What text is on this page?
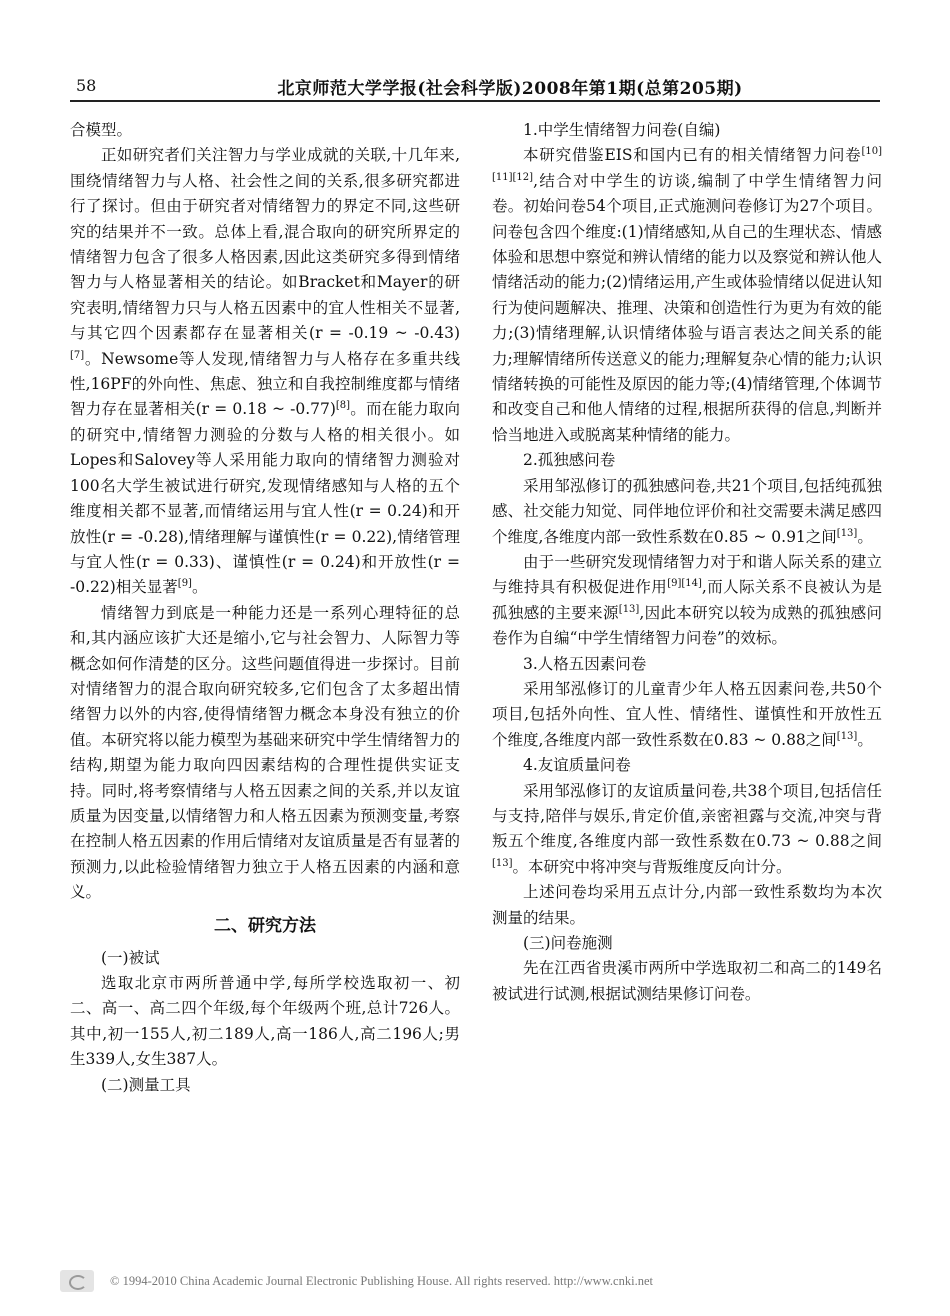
58	北京师范大学学报(社会科学版)2008年第1期(总第205期)

合模型。

正如研究者们关注智力与学业成就的关联,十几年来,围绕情绪智力与人格、社会性之间的关系,很多研究都进行了探讨。但由于研究者对情绪智力的界定不同,这些研究的结果并不一致。总体上看,混合取向的研究所界定的情绪智力包含了很多人格因素,因此这类研究多得到情绪智力与人格显著相关的结论。如Bracket和Mayer的研究表明,情绪智力只与人格五因素中的宜人性相关不显著,与其它四个因素都存在显著相关(r = -0.19 ~ -0.43)[7]。Newsome等人发现,情绪智力与人格存在多重共线性,16PF的外向性、焦虑、独立和自我控制维度都与情绪智力存在显著相关(r = 0.18 ~ -0.77)[8]。而在能力取向的研究中,情绪智力测验的分数与人格的相关很小。如Lopes和Salovey等人采用能力取向的情绪智力测验对100名大学生被试进行研究,发现情绪感知与人格的五个维度相关都不显著,而情绪运用与宜人性(r = 0.24)和开放性(r = -0.28),情绪理解与谨慎性(r = 0.22),情绪管理与宜人性(r = 0.33)、谨慎性(r = 0.24)和开放性(r = -0.22)相关显著[9]。

情绪智力到底是一种能力还是一系列心理特征的总和,其内涵应该扩大还是缩小,它与社会智力、人际智力等概念如何作清楚的区分。这些问题值得进一步探讨。目前对情绪智力的混合取向研究较多,它们包含了太多超出情绪智力以外的内容,使得情绪智力概念本身没有独立的价值。本研究将以能力模型为基础来研究中学生情绪智力的结构,期望为能力取向四因素结构的合理性提供实证支持。同时,将考察情绪与人格五因素之间的关系,并以友谊质量为因变量,以情绪智力和人格五因素为预测变量,考察在控制人格五因素的作用后情绪对友谊质量是否有显著的预测力,以此检验情绪智力独立于人格五因素的内涵和意义。

二、研究方法

(一)被试

选取北京市两所普通中学,每所学校选取初一、初二、高一、高二四个年级,每个年级两个班,总计726人。其中,初一155人,初二189人,高一186人,高二196人;男生339人,女生387人。

(二)测量工具

1.中学生情绪智力问卷(自编)

本研究借鉴EIS和国内已有的相关情绪智力问卷[10][11][12],结合对中学生的访谈,编制了中学生情绪智力问卷。初始问卷54个项目,正式施测问卷修订为27个项目。问卷包含四个维度:(1)情绪感知,从自己的生理状态、情感体验和思想中察觉和辨认情绪的能力以及察觉和辨认他人情绪活动的能力;(2)情绪运用,产生或体验情绪以促进认知行为使问题解决、推理、决策和创造性行为更为有效的能力;(3)情绪理解,认识情绪体验与语言表达之间关系的能力;理解情绪所传送意义的能力;理解复杂心情的能力;认识情绪转换的可能性及原因的能力等;(4)情绪管理,个体调节和改变自己和他人情绪的过程,根据所获得的信息,判断并恰当地进入或脱离某种情绪的能力。

2.孤独感问卷

采用邹泓修订的孤独感问卷,共21个项目,包括纯孤独感、社交能力知觉、同伴地位评价和社交需要未满足感四个维度,各维度内部一致性系数在0.85 ~ 0.91之间[13]。

由于一些研究发现情绪智力对于和谐人际关系的建立与维持具有积极促进作用[9][14],而人际关系不良被认为是孤独感的主要来源[13],因此本研究以较为成熟的孤独感问卷作为自编“中学生情绪智力问卷”的效标。

3.人格五因素问卷

采用邹泓修订的儿童青少年人格五因素问卷,共50个项目,包括外向性、宜人性、情绪性、谨慎性和开放性五个维度,各维度内部一致性系数在0.83 ~ 0.88之间[13]。

4.友谊质量问卷

采用邹泓修订的友谊质量问卷,共38个项目,包括信任与支持,陪伴与娱乐,肯定价值,亲密袒露与交流,冲突与背叛五个维度,各维度内部一致性系数在0.73 ~ 0.88之间[13]。本研究中将冲突与背叛维度反向计分。

上述问卷均采用五点计分,内部一致性系数均为本次测量的结果。

(三)问卷施测

先在江西省贵溪市两所中学选取初二和高二的149名被试进行试测,根据试测结果修订问卷。

© 1994-2010 China Academic Journal Electronic Publishing House. All rights reserved. http://www.cnki.net
